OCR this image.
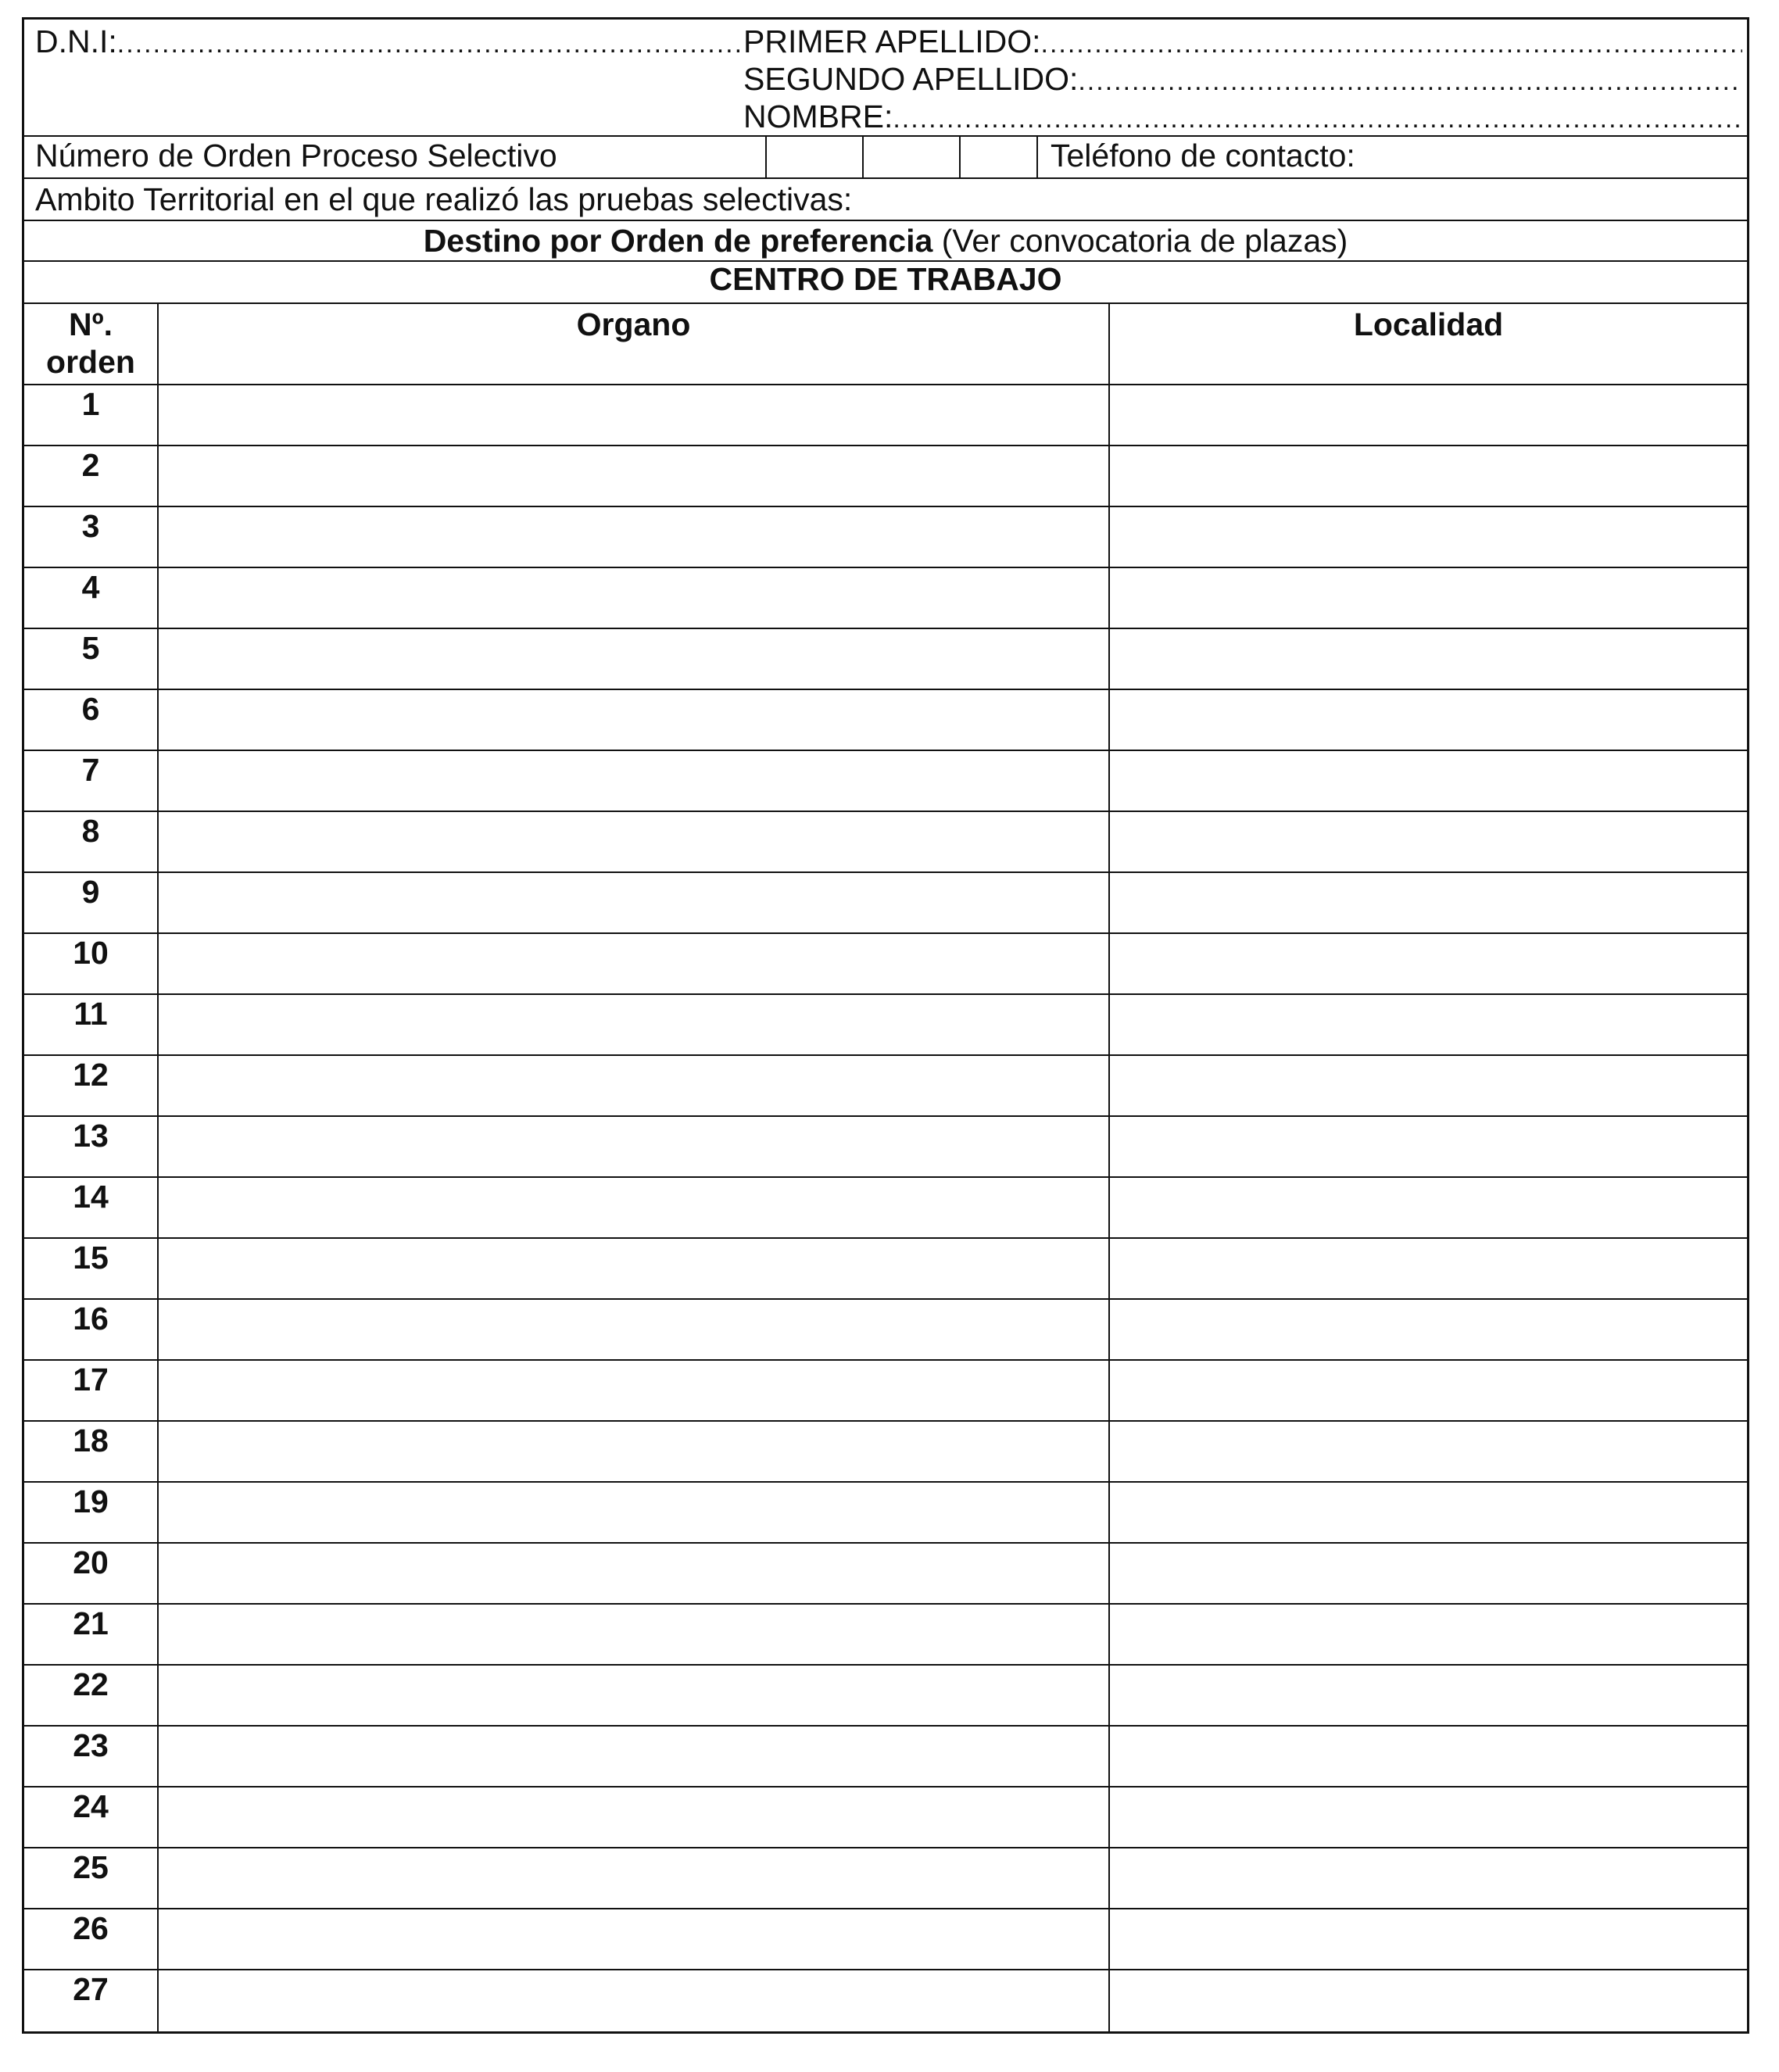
D.N.I:
.....	PRIMER APELLIDO:
.....
SEGUNDO APELLIDO:
.....
NOMBRE:
.....
Número de Orden Proceso Selectivo	Teléfono de contacto:
Ambito Territorial en el que realizó las pruebas selectivas:
Destino por Orden de preferencia (Ver convocatoria de plazas)
CENTRO DE TRABAJO
Nº.
orden
Organo	Localidad
1
2
3
4
5
6
7
8
9
10
11
12
13
14
15
16
17
18
19
20
21
22
23
24
25
26
27
